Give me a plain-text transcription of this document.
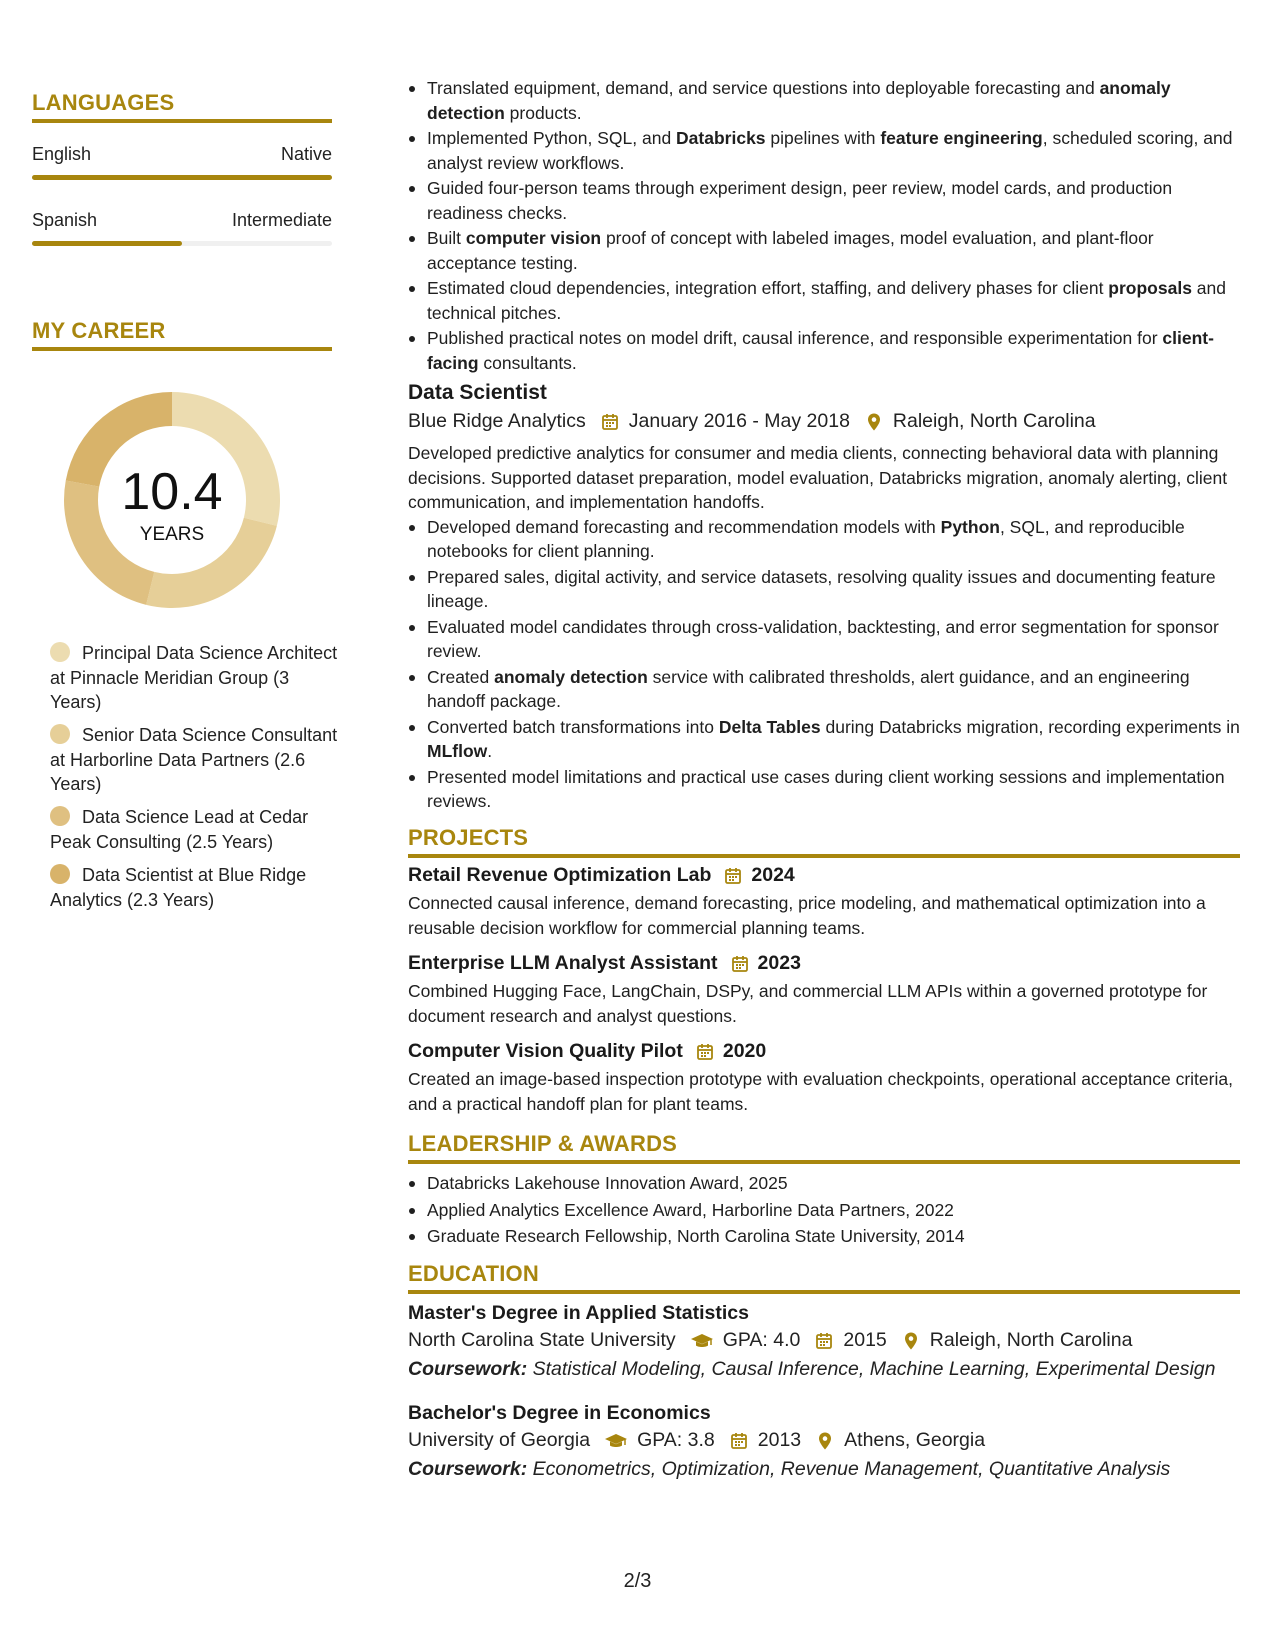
LANGUAGES
English	Native
Spanish	Intermediate
MY CAREER
10.4
YEARS
Principal Data Science Architect at Pinnacle Meridian Group (3 Years)
Senior Data Science Consultant at Harborline Data Partners (2.6 Years)
Data Science Lead at Cedar Peak Consulting (2.5 Years)
Data Scientist at Blue Ridge Analytics (2.3 Years)
Translated equipment, demand, and service questions into deployable forecasting and anomaly detection products.
Implemented Python, SQL, and Databricks pipelines with feature engineering, scheduled scoring, and analyst review workflows.
Guided four-person teams through experiment design, peer review, model cards, and production readiness checks.
Built computer vision proof of concept with labeled images, model evaluation, and plant-floor acceptance testing.
Estimated cloud dependencies, integration effort, staffing, and delivery phases for client proposals and technical pitches.
Published practical notes on model drift, causal inference, and responsible experimentation for client-facing consultants.
Data Scientist
Blue Ridge Analytics January 2016 - May 2018 Raleigh, North Carolina
Developed predictive analytics for consumer and media clients, connecting behavioral data with planning decisions. Supported dataset preparation, model evaluation, Databricks migration, anomaly alerting, client communication, and implementation handoffs.
Developed demand forecasting and recommendation models with Python, SQL, and reproducible notebooks for client planning.
Prepared sales, digital activity, and service datasets, resolving quality issues and documenting feature lineage.
Evaluated model candidates through cross-validation, backtesting, and error segmentation for sponsor review.
Created anomaly detection service with calibrated thresholds, alert guidance, and an engineering handoff package.
Converted batch transformations into Delta Tables during Databricks migration, recording experiments in MLflow.
Presented model limitations and practical use cases during client working sessions and implementation reviews.
PROJECTS
Retail Revenue Optimization Lab 2024
Connected causal inference, demand forecasting, price modeling, and mathematical optimization into a reusable decision workflow for commercial planning teams.
Enterprise LLM Analyst Assistant 2023
Combined Hugging Face, LangChain, DSPy, and commercial LLM APIs within a governed prototype for document research and analyst questions.
Computer Vision Quality Pilot 2020
Created an image-based inspection prototype with evaluation checkpoints, operational acceptance criteria, and a practical handoff plan for plant teams.
LEADERSHIP & AWARDS
Databricks Lakehouse Innovation Award, 2025
Applied Analytics Excellence Award, Harborline Data Partners, 2022
Graduate Research Fellowship, North Carolina State University, 2014
EDUCATION
Master's Degree in Applied Statistics
North Carolina State University GPA: 4.0 2015 Raleigh, North Carolina
Coursework: Statistical Modeling, Causal Inference, Machine Learning, Experimental Design
Bachelor's Degree in Economics
University of Georgia GPA: 3.8 2013 Athens, Georgia
Coursework: Econometrics, Optimization, Revenue Management, Quantitative Analysis
2/3
